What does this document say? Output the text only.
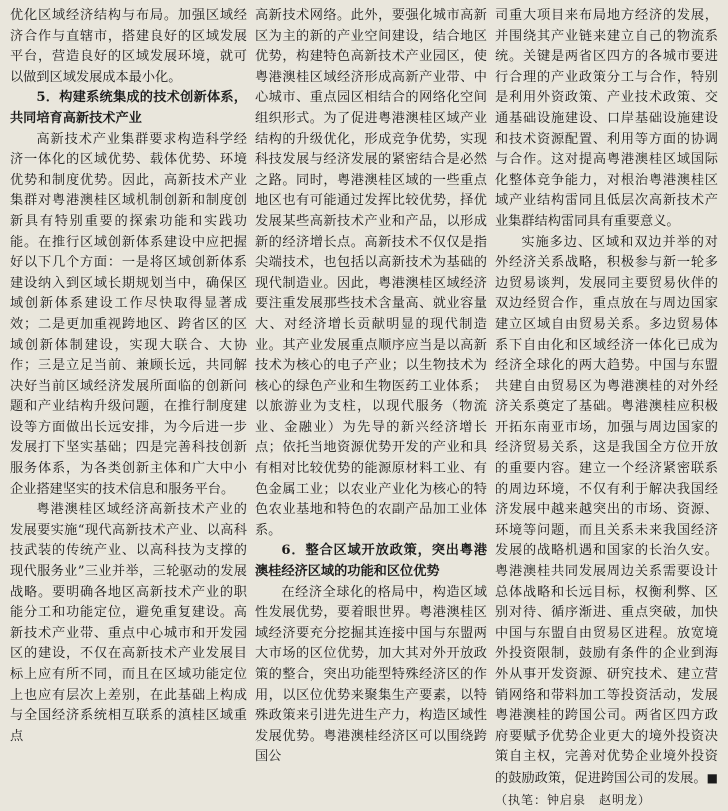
优化区域经济结构与布局。加强区域经济合作与直辖市，搭建良好的区域发展平台，营造良好的区域发展环境，就可以做到区域发展成本最小化。

5．构建系统集成的技术创新体系，共同培育高新技术产业

高新技术产业集群要求构造科学经济一体化的区域优势、载体优势、环境优势和制度优势。因此，高新技术产业集群对粤港澳桂区域机制创新和制度创新具有特别重要的探索功能和实践功能。在推行区域创新体系建设中应把握好以下几个方面：一是将区域创新体系建设纳入到区域长期规划当中，确保区域创新体系建设工作尽快取得显著成效；二是更加重视跨地区、跨省区的区域创新体制建设，实现大联合、大协作；三是立足当前、兼顾长远，共同解决好当前区域经济发展所面临的创新问题和产业结构升级问题，在推行制度建设等方面做出长远安排，为今后进一步发展打下坚实基础；四是完善科技创新服务体系，为各类创新主体和广大中小企业搭建坚实的技术信息和服务平台。

粤港澳桂区域经济高新技术产业的发展要实施“现代高新技术产业、以高科技武装的传统产业、以高科技为支撑的现代服务业”三业并举，三轮驱动的发展战略。要明确各地区高新技术产业的职能分工和功能定位，避免重复建设。高新技术产业带、重点中心城市和开发园区的建设，不仅在高新技术产业发展目标上应有所不同，而且在区域功能定位上也应有层次上差别，在此基础上构成与全国经济系统相互联系的滇桂区域重点

高新技术网络。此外，要强化城市高新区为主的新的产业空间建设，结合地区优势，构建特色高新技术产业园区，使粤港澳桂区域经济形成高新产业带、中心城市、重点园区相结合的网络化空间组织形式。为了促进粤港澳桂区域产业结构的升级优化，形成竞争优势，实现科技发展与经济发展的紧密结合是必然之路。同时，粤港澳桂区域的一些重点地区也有可能通过发挥比较优势，择优发展某些高新技术产业和产品，以形成新的经济增长点。高新技术不仅仅是指尖端技术，也包括以高新技术为基础的现代制造业。因此，粤港澳桂区域经济要注重发展那些技术含量高、就业容量大、对经济增长贡献明显的现代制造业。其产业发展重点顺序应当是以高新技术为核心的电子产业；以生物技术为核心的绿色产业和生物医药工业体系；以旅游业为支柱，以现代服务（物流业、金融业）为先导的新兴经济增长点；依托当地资源优势开发的产业和具有相对比较优势的能源原材料工业、有色金属工业；以农业产业化为核心的特色农业基地和特色的农副产品加工业体系。

6．整合区域开放政策，突出粤港澳桂经济区域的功能和区位优势

在经济全球化的格局中，构造区域性发展优势，要着眼世界。粤港澳桂区域经济要充分挖掘其连接中国与东盟两大市场的区位优势，加大其对外开放政策的整合，突出功能型特殊经济区的作用，以区位优势来聚集生产要素，以特殊政策来引进先进生产力，构造区域性发展优势。粤港澳桂经济区可以围绕跨国公

司重大项目来布局地方经济的发展，并围绕其产业链来建立自己的物流系统。关键是两省区四方的各城市要进行合理的产业政策分工与合作，特别是利用外资政策、产业技术政策、交通基础设施建设、口岸基础设施建设和技术资源配置、利用等方面的协调与合作。这对提高粤港澳桂区域国际化整体竞争能力，对根治粤港澳桂区域产业结构雷同且低层次高新技术产业集群结构雷同具有重要意义。

实施多边、区域和双边并举的对外经济关系战略，积极参与新一轮多边贸易谈判，发展同主要贸易伙伴的双边经贸合作，重点放在与周边国家建立区域自由贸易关系。多边贸易体系下自由化和区域经济一体化已成为经济全球化的两大趋势。中国与东盟共建自由贸易区为粤港澳桂的对外经济关系奠定了基础。粤港澳桂应积极开拓东南亚市场，加强与周边国家的经济贸易关系，这是我国全方位开放的重要内容。建立一个经济紧密联系的周边环境，不仅有利于解决我国经济发展中越来越突出的市场、资源、环境等问题，而且关系未来我国经济发展的战略机遇和国家的长治久安。粤港澳桂共同发展周边关系需要设计总体战略和长远目标，权衡利弊、区别对待、循序渐进、重点突破，加快中国与东盟自由贸易区进程。放宽境外投资限制，鼓励有条件的企业到海外从事开发资源、研究技术、建立营销网络和带料加工等投资活动，发展粤港澳桂的跨国公司。两省区四方政府要赋予优势企业更大的境外投资决策自主权，完善对优势企业境外投资的鼓励政策，促进跨国公司的发展。■ （执笔：钟启泉　赵明龙）
